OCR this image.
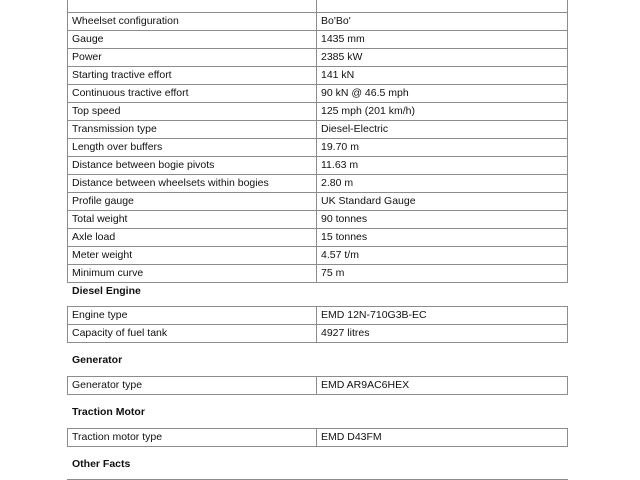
Wheelset configuration	Bo'Bo'
Gauge	1435 mm
Power	2385 kW
Starting tractive effort	141 kN
Continuous tractive effort	90 kN @ 46.5 mph
Top speed	125 mph (201 km/h)
Transmission type	Diesel-Electric
Length over buffers	19.70 m
Distance between bogie pivots	11.63 m
Distance between wheelsets within bogies	2.80 m
Profile gauge	UK Standard Gauge
Total weight	90 tonnes
Axle load	15 tonnes
Meter weight	4.57 t/m
Minimum curve	75 m
Diesel Engine
Engine type	EMD 12N-710G3B-EC
Capacity of fuel tank	4927 litres
Generator
Generator type	EMD AR9AC6HEX
Traction Motor
Traction motor type	EMD D43FM
Other Facts
